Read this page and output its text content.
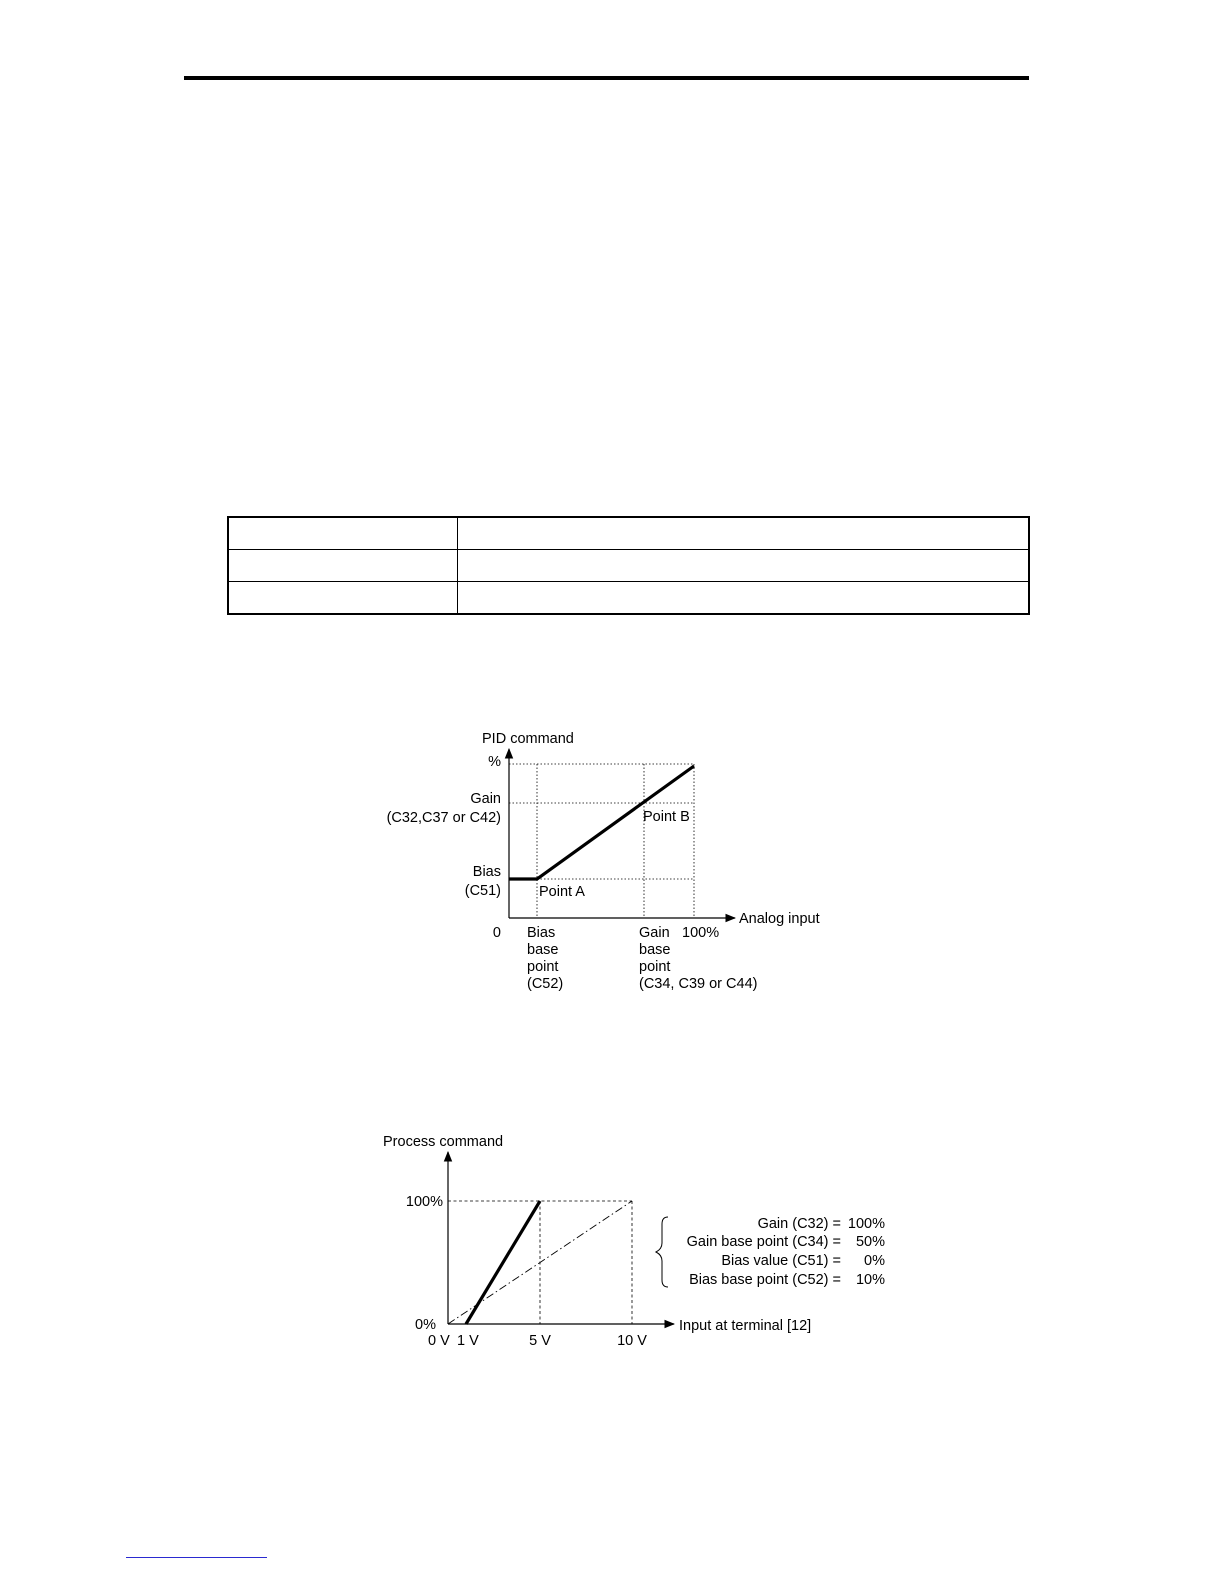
PID command
%
Gain
(C32,C37 or C42)
Bias
(C51)
0
Point A
Point B
Analog input
100%
Bias
base
point
(C52)
Gain
base
point
(C34, C39 or C44)
Process command
100%
0%
0 V 1 V	5 V	10 V
Input at terminal [12]
Gain (C32) = 100%
Gain base point (C34) = 50%
Bias value (C51) = 0%
Bias base point (C52) = 10%
